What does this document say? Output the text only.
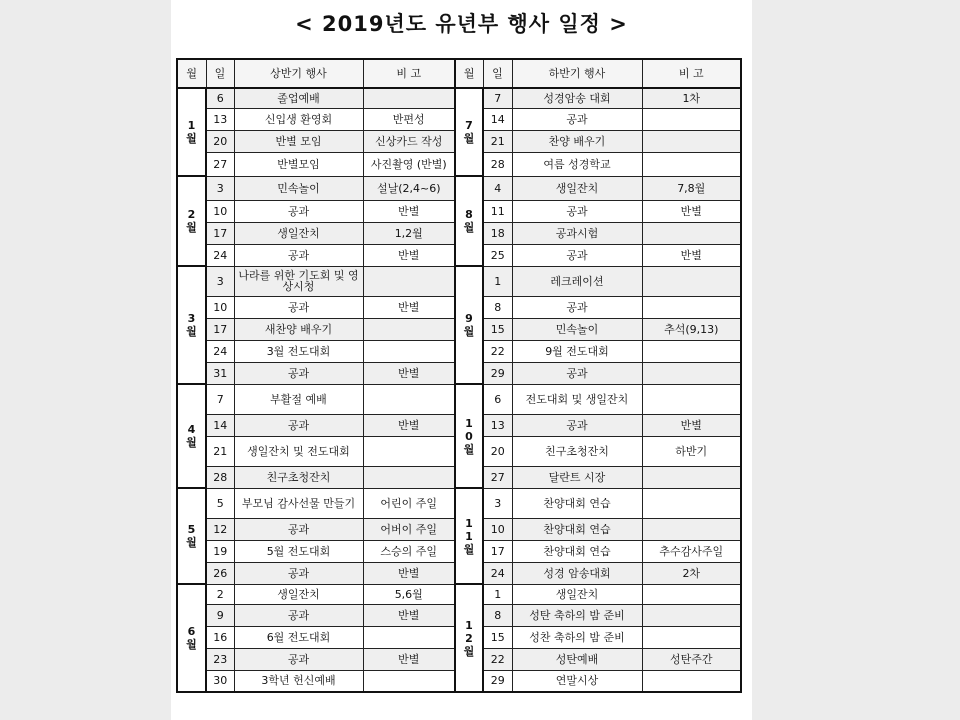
< 2019년도 유년부 행사 일정 >
월	일	상반기 행사	비 고	월	일	하반기 행사	비 고
1월	6	졸업예배		7월	7	성경암송 대회	1차
	13	신입생 환영회	반편성		14	공과	
	20	반별 모임	신상카드 작성		21	찬양 배우기	
	27	반별모임	사진촬영 (반별)		28	여름 성경학교	
2월	3	민속놀이	설날(2,4~6)	8월	4	생일잔치	7,8월
	10	공과	반별		11	공과	반별
	17	생일잔치	1,2월		18	공과시험	
	24	공과	반별		25	공과	반별
3월	3	나라를 위한 기도회 및 영상시청		9월	1	레크레이션	
	10	공과	반별		8	공과	
	17	새찬양 배우기			15	민속놀이	추석(9,13)
	24	3월 전도대회			22	9월 전도대회	
	31	공과	반별		29	공과	
4월	7	부활절 예배		10월	6	전도대회 및 생일잔치	
	14	공과	반별		13	공과	반별
	21	생일잔치 및 전도대회			20	친구초청잔치	하반기
	28	친구초청잔치			27	달란트 시장	
5월	5	부모님 감사선물 만들기	어린이 주일	11월	3	찬양대회 연습	
	12	공과	어버이 주일		10	찬양대회 연습	
	19	5월 전도대회	스승의 주일		17	찬양대회 연습	추수감사주일
	26	공과	반별		24	성경 암송대회	2차
6월	2	생일잔치	5,6월	12월	1	생일잔치	
	9	공과	반별		8	성탄 축하의 밤 준비	
	16	6월 전도대회			15	성찬 축하의 밤 준비	
	23	공과	반별		22	성탄예배	성탄주간
	30	3학년 헌신예배			29	연말시상	
